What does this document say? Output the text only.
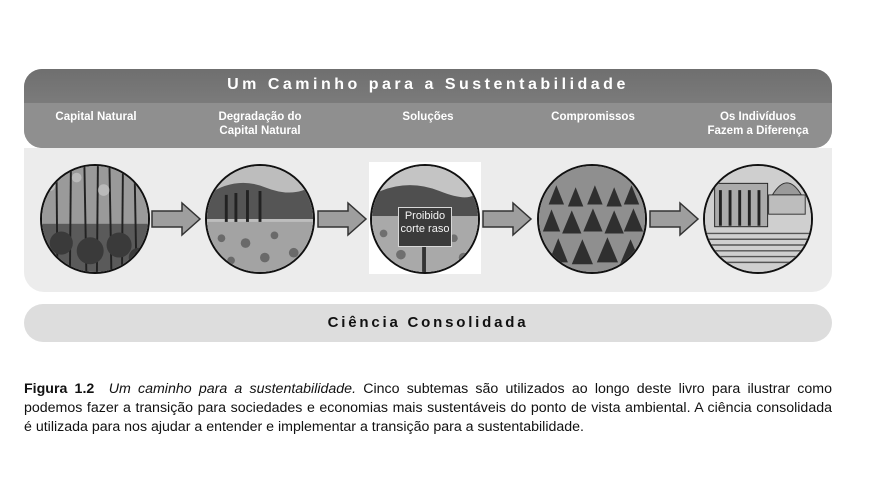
Um Caminho para a Sustentabilidade
Capital Natural	Degradação do
Capital Natural
Soluções	Compromissos	Os Indivíduos
Fazem a Diferença
Proibido
corte raso
Ciência Consolidada
Figura 1.2 Um caminho para a sustentabilidade. Cinco subtemas são utilizados ao longo deste livro para ilustrar como podemos fazer a transição para sociedades e economias mais sustentáveis do ponto de vista ambiental. A ciência consolidada é utilizada para nos ajudar a entender e implementar a transição para a sustentabilidade.
